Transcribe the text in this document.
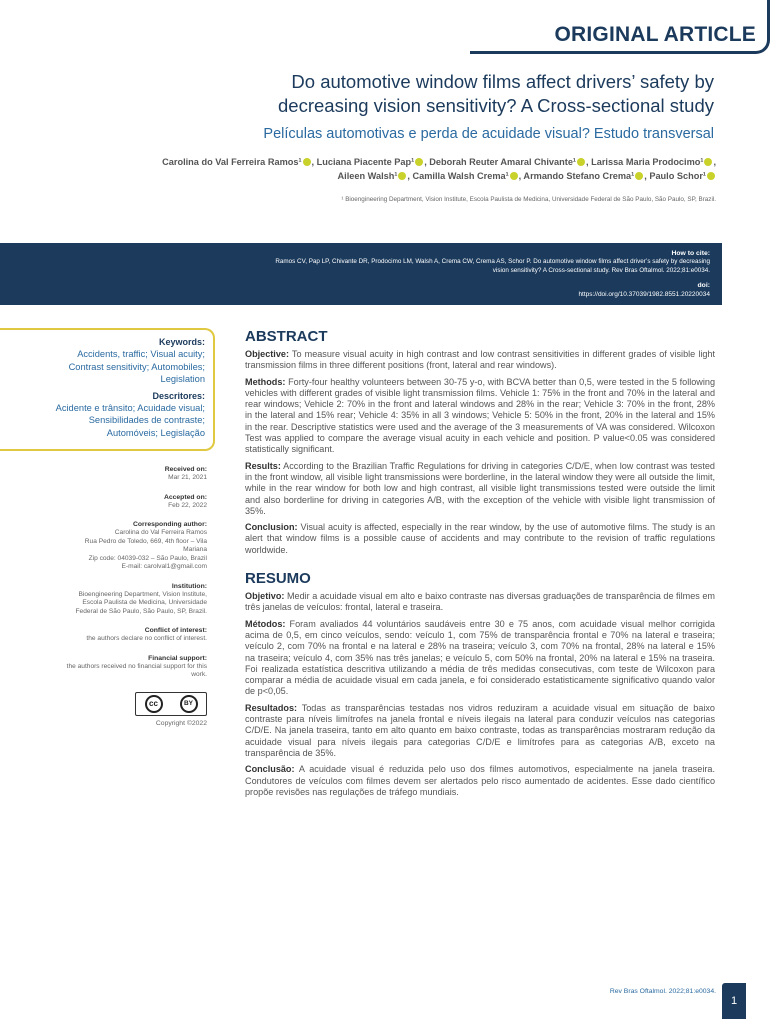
ORIGINAL ARTICLE
Do automotive window films affect drivers’ safety by
decreasing vision sensitivity? A Cross-sectional study
Películas automotivas e perda de acuidade visual? Estudo transversal
Carolina do Val Ferreira Ramos¹ , Luciana Piacente Pap¹ , Deborah Reuter Amaral Chivante¹ , Larissa Maria Prodocimo¹ ,
Aileen Walsh¹ , Camilla Walsh Crema¹ , Armando Stefano Crema¹ , Paulo Schor¹
¹ Bioengineering Department, Vision Institute, Escola Paulista de Medicina, Universidade Federal de São Paulo, São Paulo, SP, Brazil.
How to cite:
Ramos CV, Pap LP, Chivante DR, Prodocimo LM, Walsh A, Crema CW, Crema AS, Schor P. Do automotive window films affect driver’s safety by decreasing vision sensitivity? A Cross-sectional study. Rev Bras Oftalmol. 2022;81:e0034.
doi:
https://doi.org/10.37039/1982.8551.20220034
Keywords:
Accidents, traffic; Visual acuity; Contrast sensitivity; Automobiles; Legislation
Descritores:
Acidente e trânsito; Acuidade visual; Sensibilidades de contraste; Automóveis; Legislação
Received on:
Mar 21, 2021
Accepted on:
Feb 22, 2022
Corresponding author:
Carolina do Val Ferreira Ramos
Rua Pedro de Toledo, 669, 4th floor – Vila Mariana
Zip code: 04039-032 – São Paulo, Brazil
E-mail: carolval1@gmail.com
Institution:
Bioengineering Department, Vision Institute, Escola Paulista de Medicina, Universidade Federal de São Paulo, São Paulo, SP, Brazil.
Conflict of interest:
the authors declare no conflict of interest.
Financial support:
the authors received no financial support for this work.
cc	BY
Copyright ©2022
ABSTRACT

Objective: To measure visual acuity in high contrast and low contrast sensitivities in different grades of visible light transmission films in three different positions (front, lateral and rear windows).

Methods: Forty-four healthy volunteers between 30-75 y-o, with BCVA better than 0,5, were tested in the 5 following vehicles with different grades of visible light transmission films. Vehicle 1: 75% in the front and 70% in the lateral and rear windows; Vehicle 2: 70% in the front and lateral windows and 28% in the rear; Vehicle 3: 70% in the front, 28% in the lateral and 15% rear; Vehicle 4: 35% in all 3 windows; Vehicle 5: 50% in the front, 20% in the lateral and 15% in the rear. Descriptive statistics were used and the average of the 3 measurements of VA was considered. Wilcoxon Test was applied to compare the average visual acuity in each vehicle and position. P value<0.05 was considered statistically significant.

Results: According to the Brazilian Traffic Regulations for driving in categories C/D/E, when low contrast was tested in the front window, all visible light transmissions were borderline, in the lateral window they were all outside the limit, while in the rear window for both low and high contrast, all visible light transmissions tested were outside the limit and also borderline for driving in categories A/B, with the exception of the vehicle with visible light transmission of 35%.

Conclusion: Visual acuity is affected, especially in the rear window, by the use of automotive films. The study is an alert that window films is a possible cause of accidents and may contribute to the revision of traffic regulations worldwide.

RESUMO

Objetivo: Medir a acuidade visual em alto e baixo contraste nas diversas graduações de transparência de filmes em três janelas de veículos: frontal, lateral e traseira.

Métodos: Foram avaliados 44 voluntários saudáveis entre 30 e 75 anos, com acuidade visual melhor corrigida acima de 0,5, em cinco veículos, sendo: veículo 1, com 75% de transparência frontal e 70% na lateral e traseira; veículo 2, com 70% na frontal e na lateral e 28% na traseira; veículo 3, com 70% na frontal, 28% na lateral e 15% na traseira; veículo 4, com 35% nas três janelas; e veículo 5, com 50% na frontal, 20% na lateral e 15% na traseira. Foi realizada estatística descritiva utilizando a média de três medidas consecutivas, com teste de Wilcoxon para comparar a média de acuidade visual em cada janela, e foi considerado estatisticamente significativo quando valor de p<0,05.

Resultados: Todas as transparências testadas nos vidros reduziram a acuidade visual em situação de baixo contraste para níveis limítrofes na janela frontal e níveis ilegais na lateral para conduzir veículos nas categorias C/D/E. Na janela traseira, tanto em alto quanto em baixo contraste, todas as transparências mostraram redução da acuidade visual para níveis ilegais para categorias C/D/E e limítrofes para as categorias A/B, exceto na transparência de 35%.

Conclusão: A acuidade visual é reduzida pelo uso dos filmes automotivos, especialmente na janela traseira. Condutores de veículos com filmes devem ser alertados pelo risco aumentado de acidentes. Esse dado científico propõe revisões nas regulações de tráfego mundiais.

Rev Bras Oftalmol. 2022;81:e0034.
1
